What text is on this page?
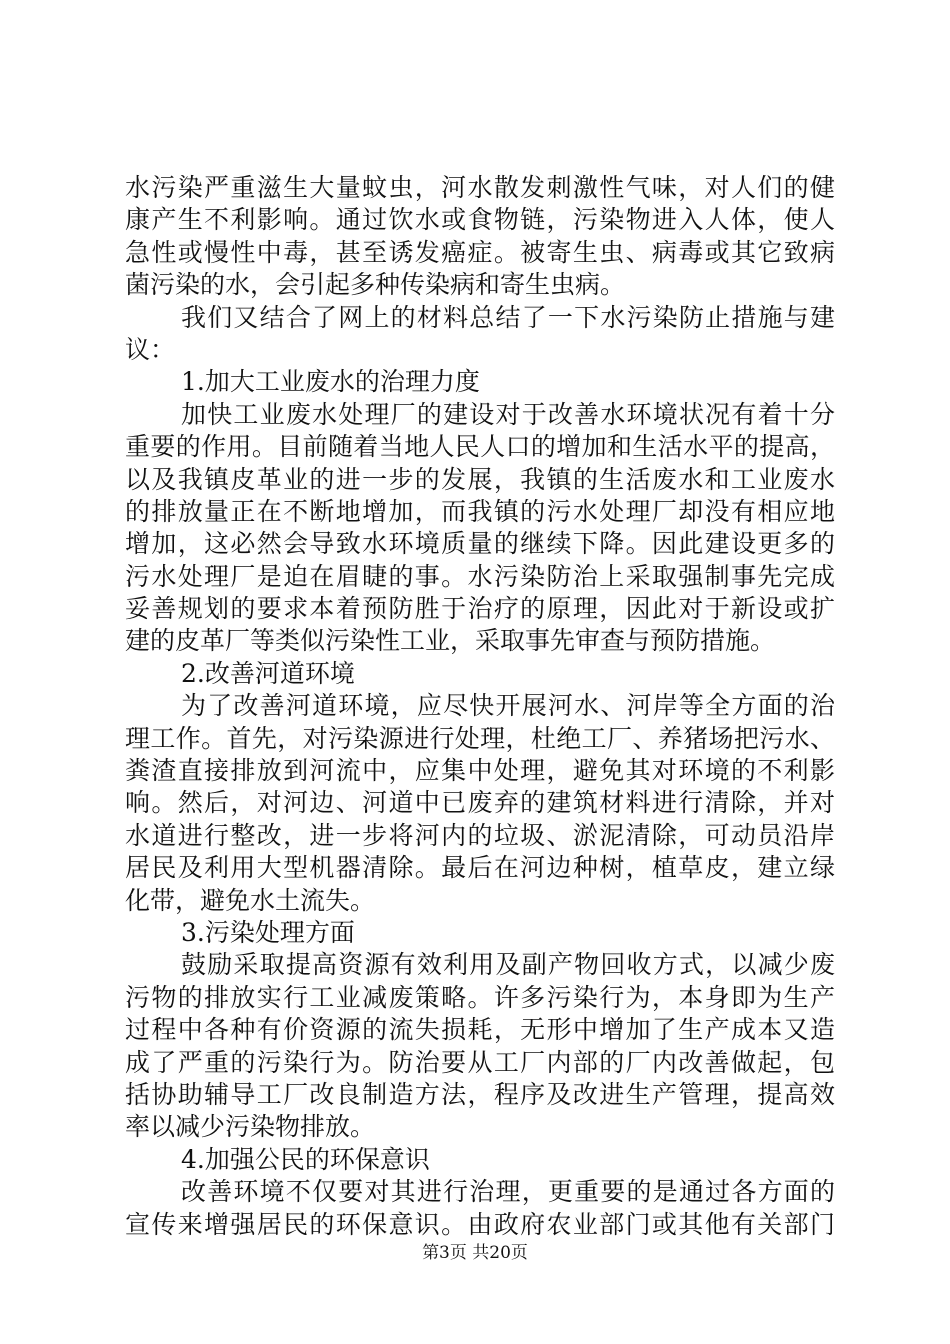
水污染严重滋生大量蚊虫，河水散发刺激性气味，对人们的健
康产生不利影响。通过饮水或食物链，污染物进入人体，使人
急性或慢性中毒，甚至诱发癌症。被寄生虫、病毒或其它致病
菌污染的水，会引起多种传染病和寄生虫病。
我们又结合了网上的材料总结了一下水污染防止措施与建
议：
1.加大工业废水的治理力度
加快工业废水处理厂的建设对于改善水环境状况有着十分
重要的作用。目前随着当地人民人口的增加和生活水平的提高，
以及我镇皮革业的进一步的发展，我镇的生活废水和工业废水
的排放量正在不断地增加，而我镇的污水处理厂却没有相应地
增加，这必然会导致水环境质量的继续下降。因此建设更多的
污水处理厂是迫在眉睫的事。水污染防治上采取强制事先完成
妥善规划的要求本着预防胜于治疗的原理，因此对于新设或扩
建的皮革厂等类似污染性工业，采取事先审查与预防措施。
2.改善河道环境
为了改善河道环境，应尽快开展河水、河岸等全方面的治
理工作。首先，对污染源进行处理，杜绝工厂、养猪场把污水、
粪渣直接排放到河流中，应集中处理，避免其对环境的不利影
响。然后，对河边、河道中已废弃的建筑材料进行清除，并对
水道进行整改，进一步将河内的垃圾、淤泥清除，可动员沿岸
居民及利用大型机器清除。最后在河边种树，植草皮，建立绿
化带，避免水土流失。
3.污染处理方面
鼓励采取提高资源有效利用及副产物回收方式，以减少废
污物的排放实行工业减废策略。许多污染行为，本身即为生产
过程中各种有价资源的流失损耗，无形中增加了生产成本又造
成了严重的污染行为。防治要从工厂内部的厂内改善做起，包
括协助辅导工厂改良制造方法，程序及改进生产管理，提高效
率以减少污染物排放。
4.加强公民的环保意识
改善环境不仅要对其进行治理，更重要的是通过各方面的
宣传来增强居民的环保意识。由政府农业部门或其他有关部门
第3页 共20页
